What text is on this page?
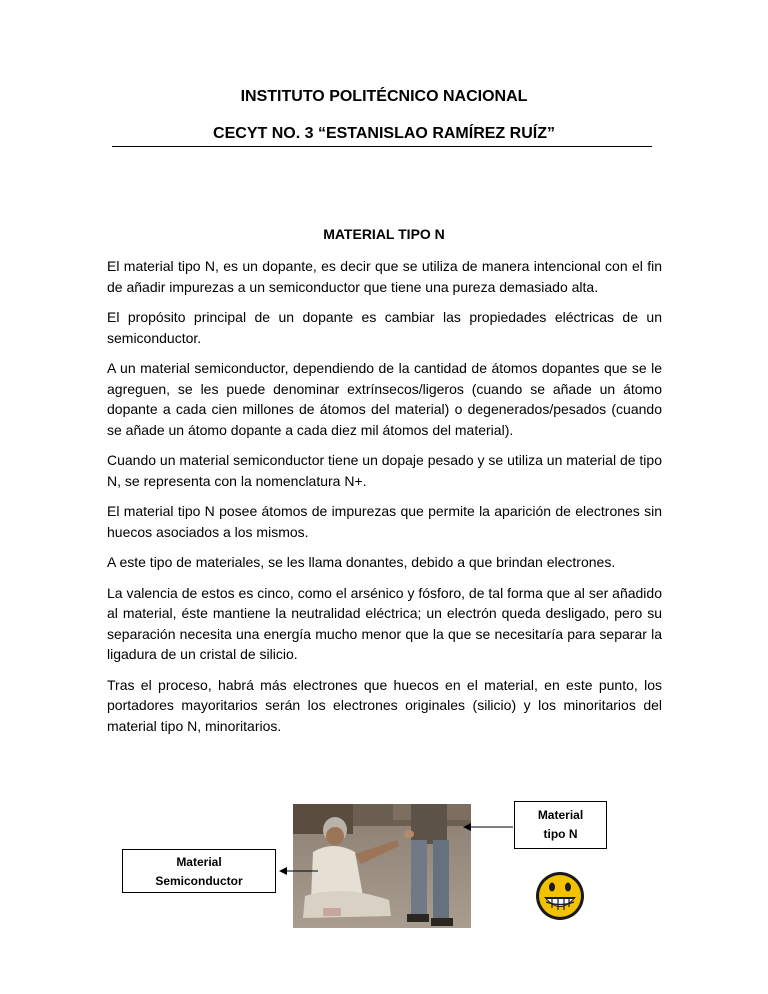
INSTITUTO POLITÉCNICO NACIONAL
CECYT NO. 3 “ESTANISLAO RAMÍREZ RUÍZ”
MATERIAL TIPO N

El material tipo N, es un dopante, es decir que se utiliza de manera intencional con el fin de añadir impurezas a un semiconductor que tiene una pureza demasiado alta.

El propósito principal de un dopante es cambiar las propiedades eléctricas de un semiconductor.

A un material semiconductor, dependiendo de la cantidad de átomos dopantes que se le agreguen, se les puede denominar extrínsecos/ligeros (cuando se añade un átomo dopante a cada cien millones de átomos del material) o degenerados/pesados (cuando se añade un átomo dopante a cada diez mil átomos del material).

Cuando un material semiconductor tiene un dopaje pesado y se utiliza un material de tipo N, se representa con la nomenclatura N+.

El material tipo N posee átomos de impurezas que permite la aparición de electrones sin huecos asociados a los mismos.

A este tipo de materiales, se les llama donantes, debido a que brindan electrones.

La valencia de estos es cinco, como el arsénico y fósforo, de tal forma que al ser añadido al material, éste mantiene la neutralidad eléctrica; un electrón queda desligado, pero su separación necesita una energía mucho menor que la que se necesitaría para separar la ligadura de un cristal de silicio.

Tras el proceso, habrá más electrones que huecos en el material, en este punto, los portadores mayoritarios serán los electrones originales (silicio) y los minoritarios del material tipo N, minoritarios.

Material
tipo N
Material
Semiconductor
